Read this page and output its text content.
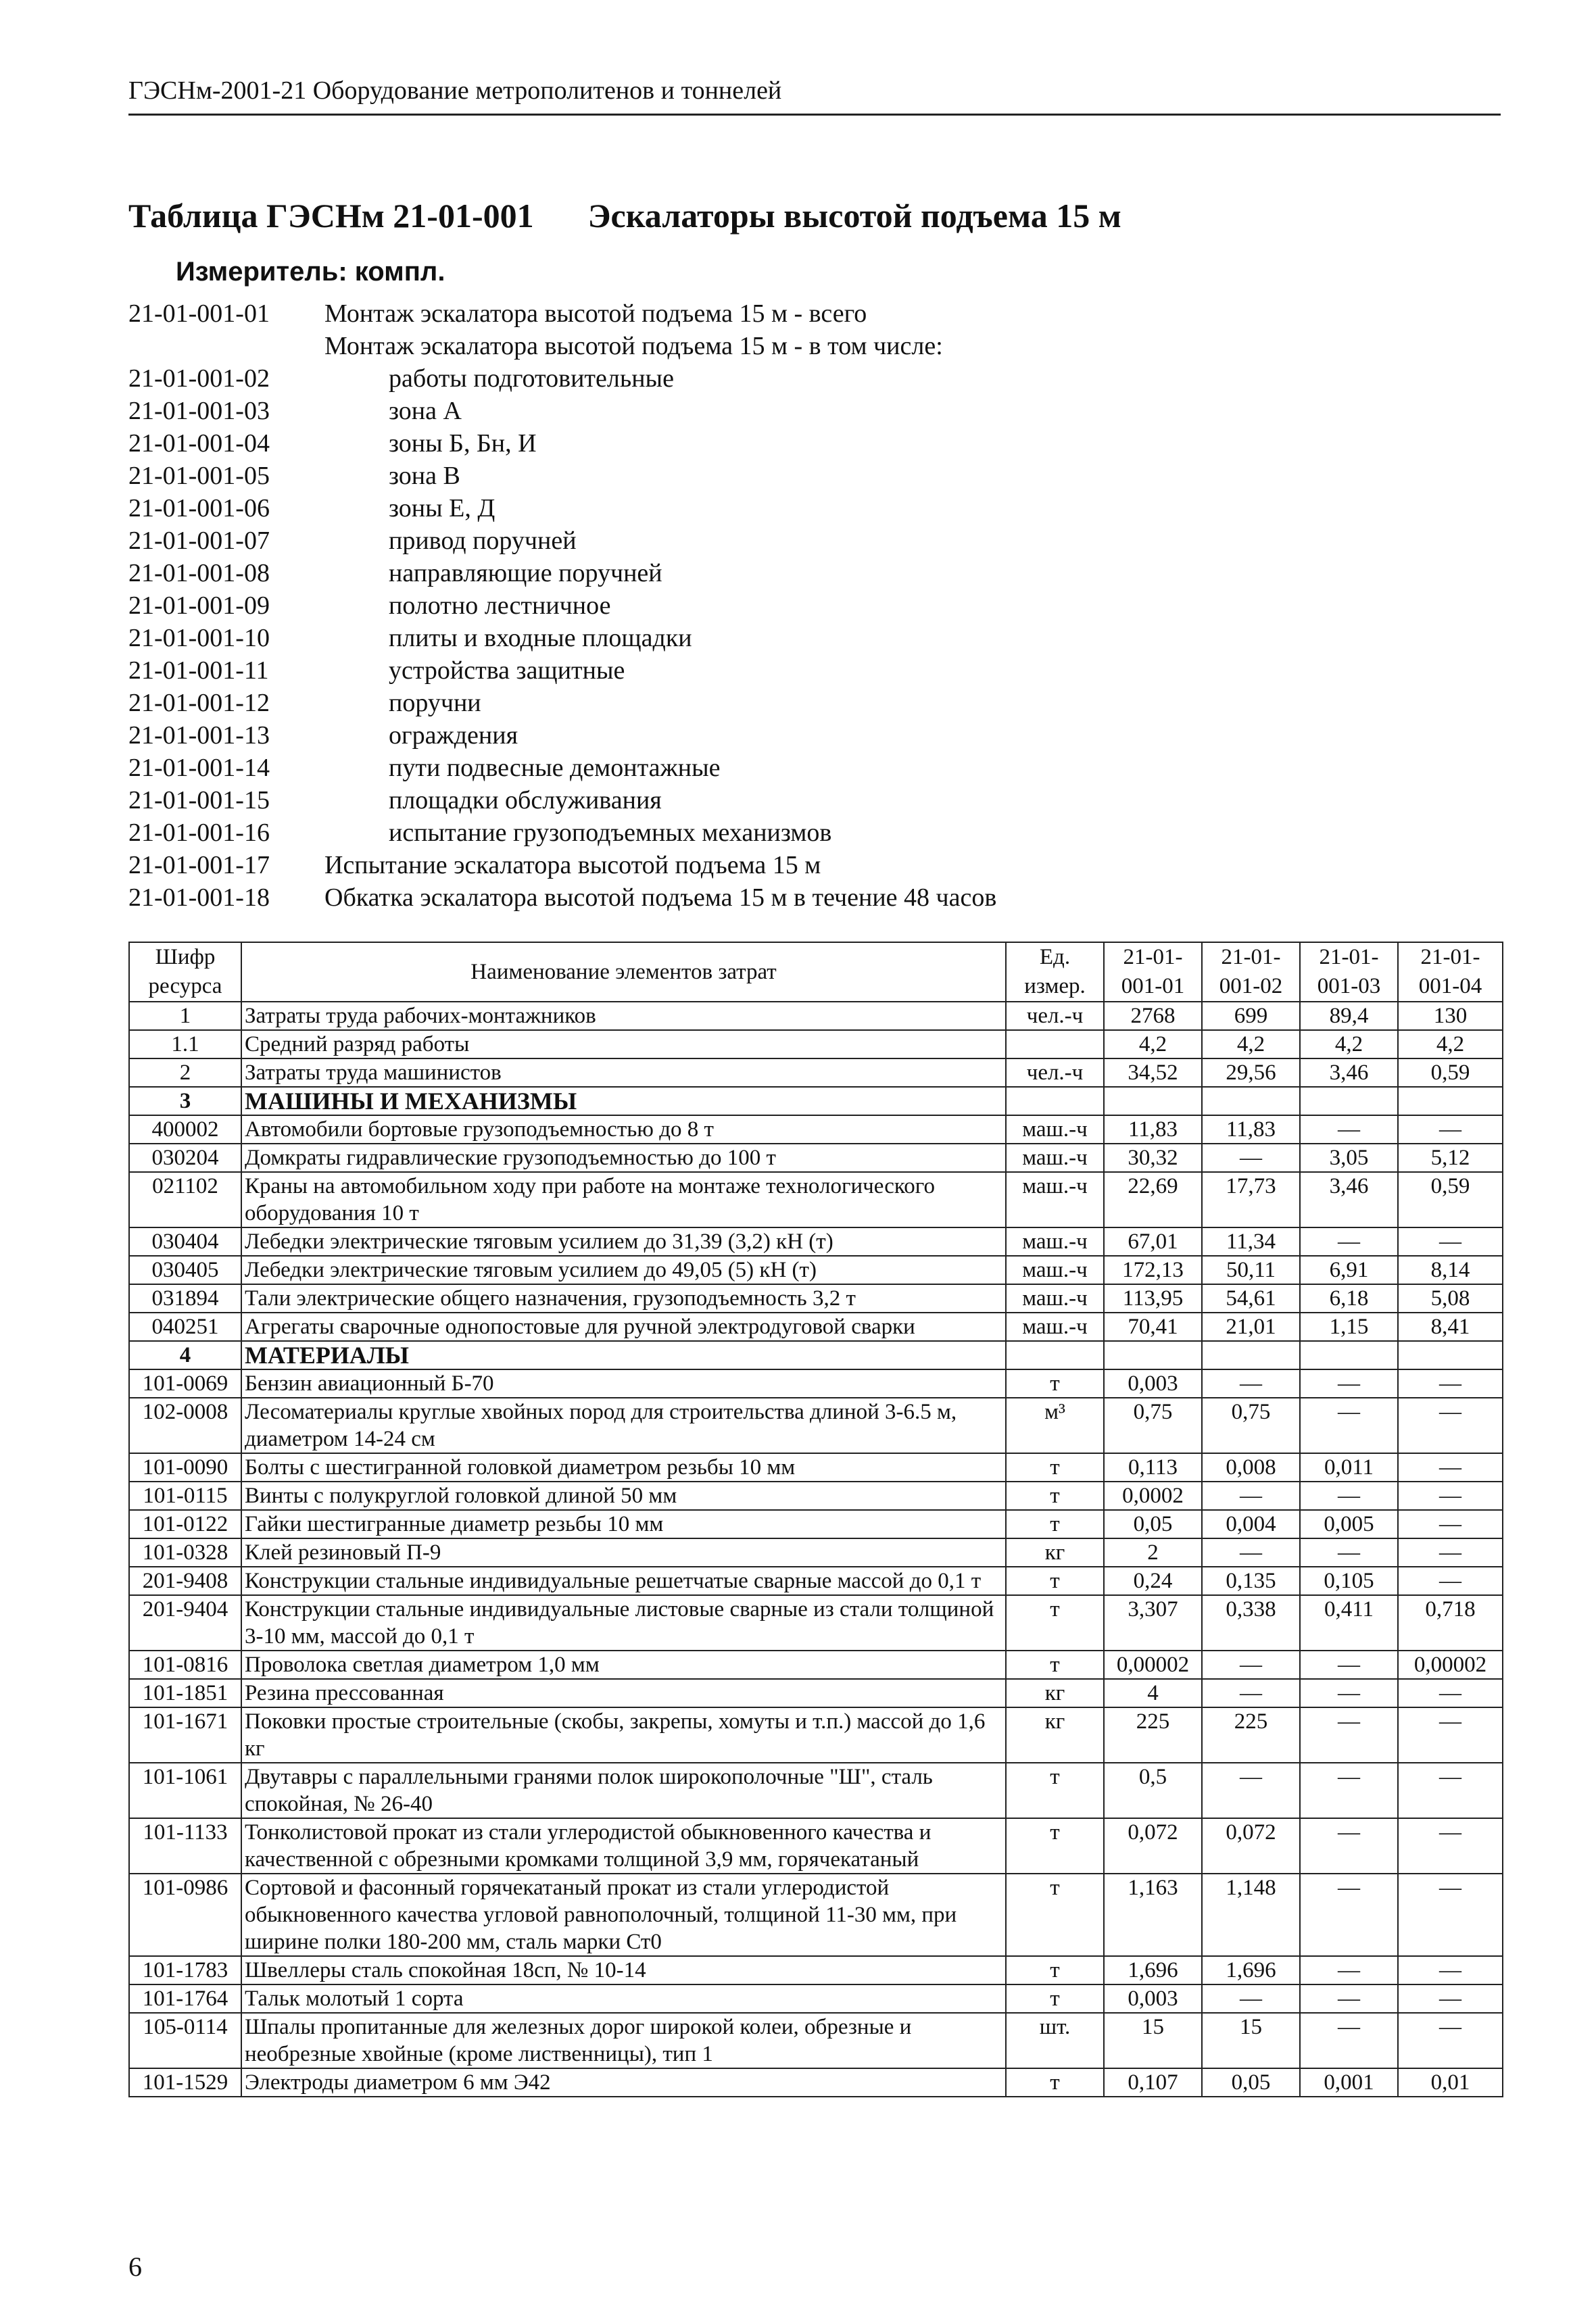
ГЭСНм-2001-21 Оборудование метрополитенов и тоннелей
Таблица ГЭСНм 21-01-001 Эскалаторы высотой подъема 15 м
Измеритель: компл.
21-01-001-01 Монтаж эскалатора высотой подъема 15 м - всего
Монтаж эскалатора высотой подъема 15 м - в том числе:
21-01-001-02	работы подготовительные
21-01-001-03	зона А
21-01-001-04	зоны Б, Бн, И
21-01-001-05	зона В
21-01-001-06	зоны Е, Д
21-01-001-07	привод поручней
21-01-001-08	направляющие поручней
21-01-001-09	полотно лестничное
21-01-001-10	плиты и входные площадки
21-01-001-11	устройства защитные
21-01-001-12	поручни
21-01-001-13	ограждения
21-01-001-14	пути подвесные демонтажные
21-01-001-15	площадки обслуживания
21-01-001-16	испытание грузоподъемных механизмов
21-01-001-17 Испытание эскалатора высотой подъема 15 м
21-01-001-18 Обкатка эскалатора высотой подъема 15 м в течение 48 часов
Шифр ресурса	Наименование элементов затрат	Ед. измер.	21-01-001-01	21-01-001-02	21-01-001-03	21-01-001-04
1	Затраты труда рабочих-монтажников	чел.-ч	2768	699	89,4	130
1.1	Средний разряд работы		4,2	4,2	4,2	4,2
2	Затраты труда машинистов	чел.-ч	34,52	29,56	3,46	0,59
3	МАШИНЫ И МЕХАНИЗМЫ					
400002	Автомобили бортовые грузоподъемностью до 8 т	маш.-ч	11,83	11,83	—	—
030204	Домкраты гидравлические грузоподъемностью до 100 т	маш.-ч	30,32	—	3,05	5,12
021102	Краны на автомобильном ходу при работе на монтаже технологического оборудования 10 т	маш.-ч	22,69	17,73	3,46	0,59
030404	Лебедки электрические тяговым усилием до 31,39 (3,2) кН (т)	маш.-ч	67,01	11,34	—	—
030405	Лебедки электрические тяговым усилием до 49,05 (5) кН (т)	маш.-ч	172,13	50,11	6,91	8,14
031894	Тали электрические общего назначения, грузоподъемность 3,2 т	маш.-ч	113,95	54,61	6,18	5,08
040251	Агрегаты сварочные однопостовые для ручной электродуговой сварки	маш.-ч	70,41	21,01	1,15	8,41
4	МАТЕРИАЛЫ					
101-0069	Бензин авиационный Б-70	т	0,003	—	—	—
102-0008	Лесоматериалы круглые хвойных пород для строительства длиной 3-6.5 м, диаметром 14-24 см	м³	0,75	0,75	—	—
101-0090	Болты с шестигранной головкой диаметром резьбы 10 мм	т	0,113	0,008	0,011	—
101-0115	Винты с полукруглой головкой длиной 50 мм	т	0,0002	—	—	—
101-0122	Гайки шестигранные диаметр резьбы 10 мм	т	0,05	0,004	0,005	—
101-0328	Клей резиновый П-9	кг	2	—	—	—
201-9408	Конструкции стальные индивидуальные решетчатые сварные массой до 0,1 т	т	0,24	0,135	0,105	—
201-9404	Конструкции стальные индивидуальные листовые сварные из стали толщиной 3-10 мм, массой до 0,1 т	т	3,307	0,338	0,411	0,718
101-0816	Проволока светлая диаметром 1,0 мм	т	0,00002	—	—	0,00002
101-1851	Резина прессованная	кг	4	—	—	—
101-1671	Поковки простые строительные (скобы, закрепы, хомуты и т.п.) массой до 1,6 кг	кг	225	225	—	—
101-1061	Двутавры с параллельными гранями полок широкополочные "Ш", сталь спокойная, № 26-40	т	0,5	—	—	—
101-1133	Тонколистовой прокат из стали углеродистой обыкновенного качества и качественной с обрезными кромками толщиной 3,9 мм, горячекатаный	т	0,072	0,072	—	—
101-0986	Сортовой и фасонный горячекатаный прокат из стали углеродистой обыкновенного качества угловой равнополочный, толщиной 11-30 мм, при ширине полки 180-200 мм, сталь марки Ст0	т	1,163	1,148	—	—
101-1783	Швеллеры сталь спокойная 18сп, № 10-14	т	1,696	1,696	—	—
101-1764	Тальк молотый 1 сорта	т	0,003	—	—	—
105-0114	Шпалы пропитанные для железных дорог широкой колеи, обрезные и необрезные хвойные (кроме лиственницы), тип 1	шт.	15	15	—	—
101-1529	Электроды диаметром 6 мм Э42	т	0,107	0,05	0,001	0,01
6
